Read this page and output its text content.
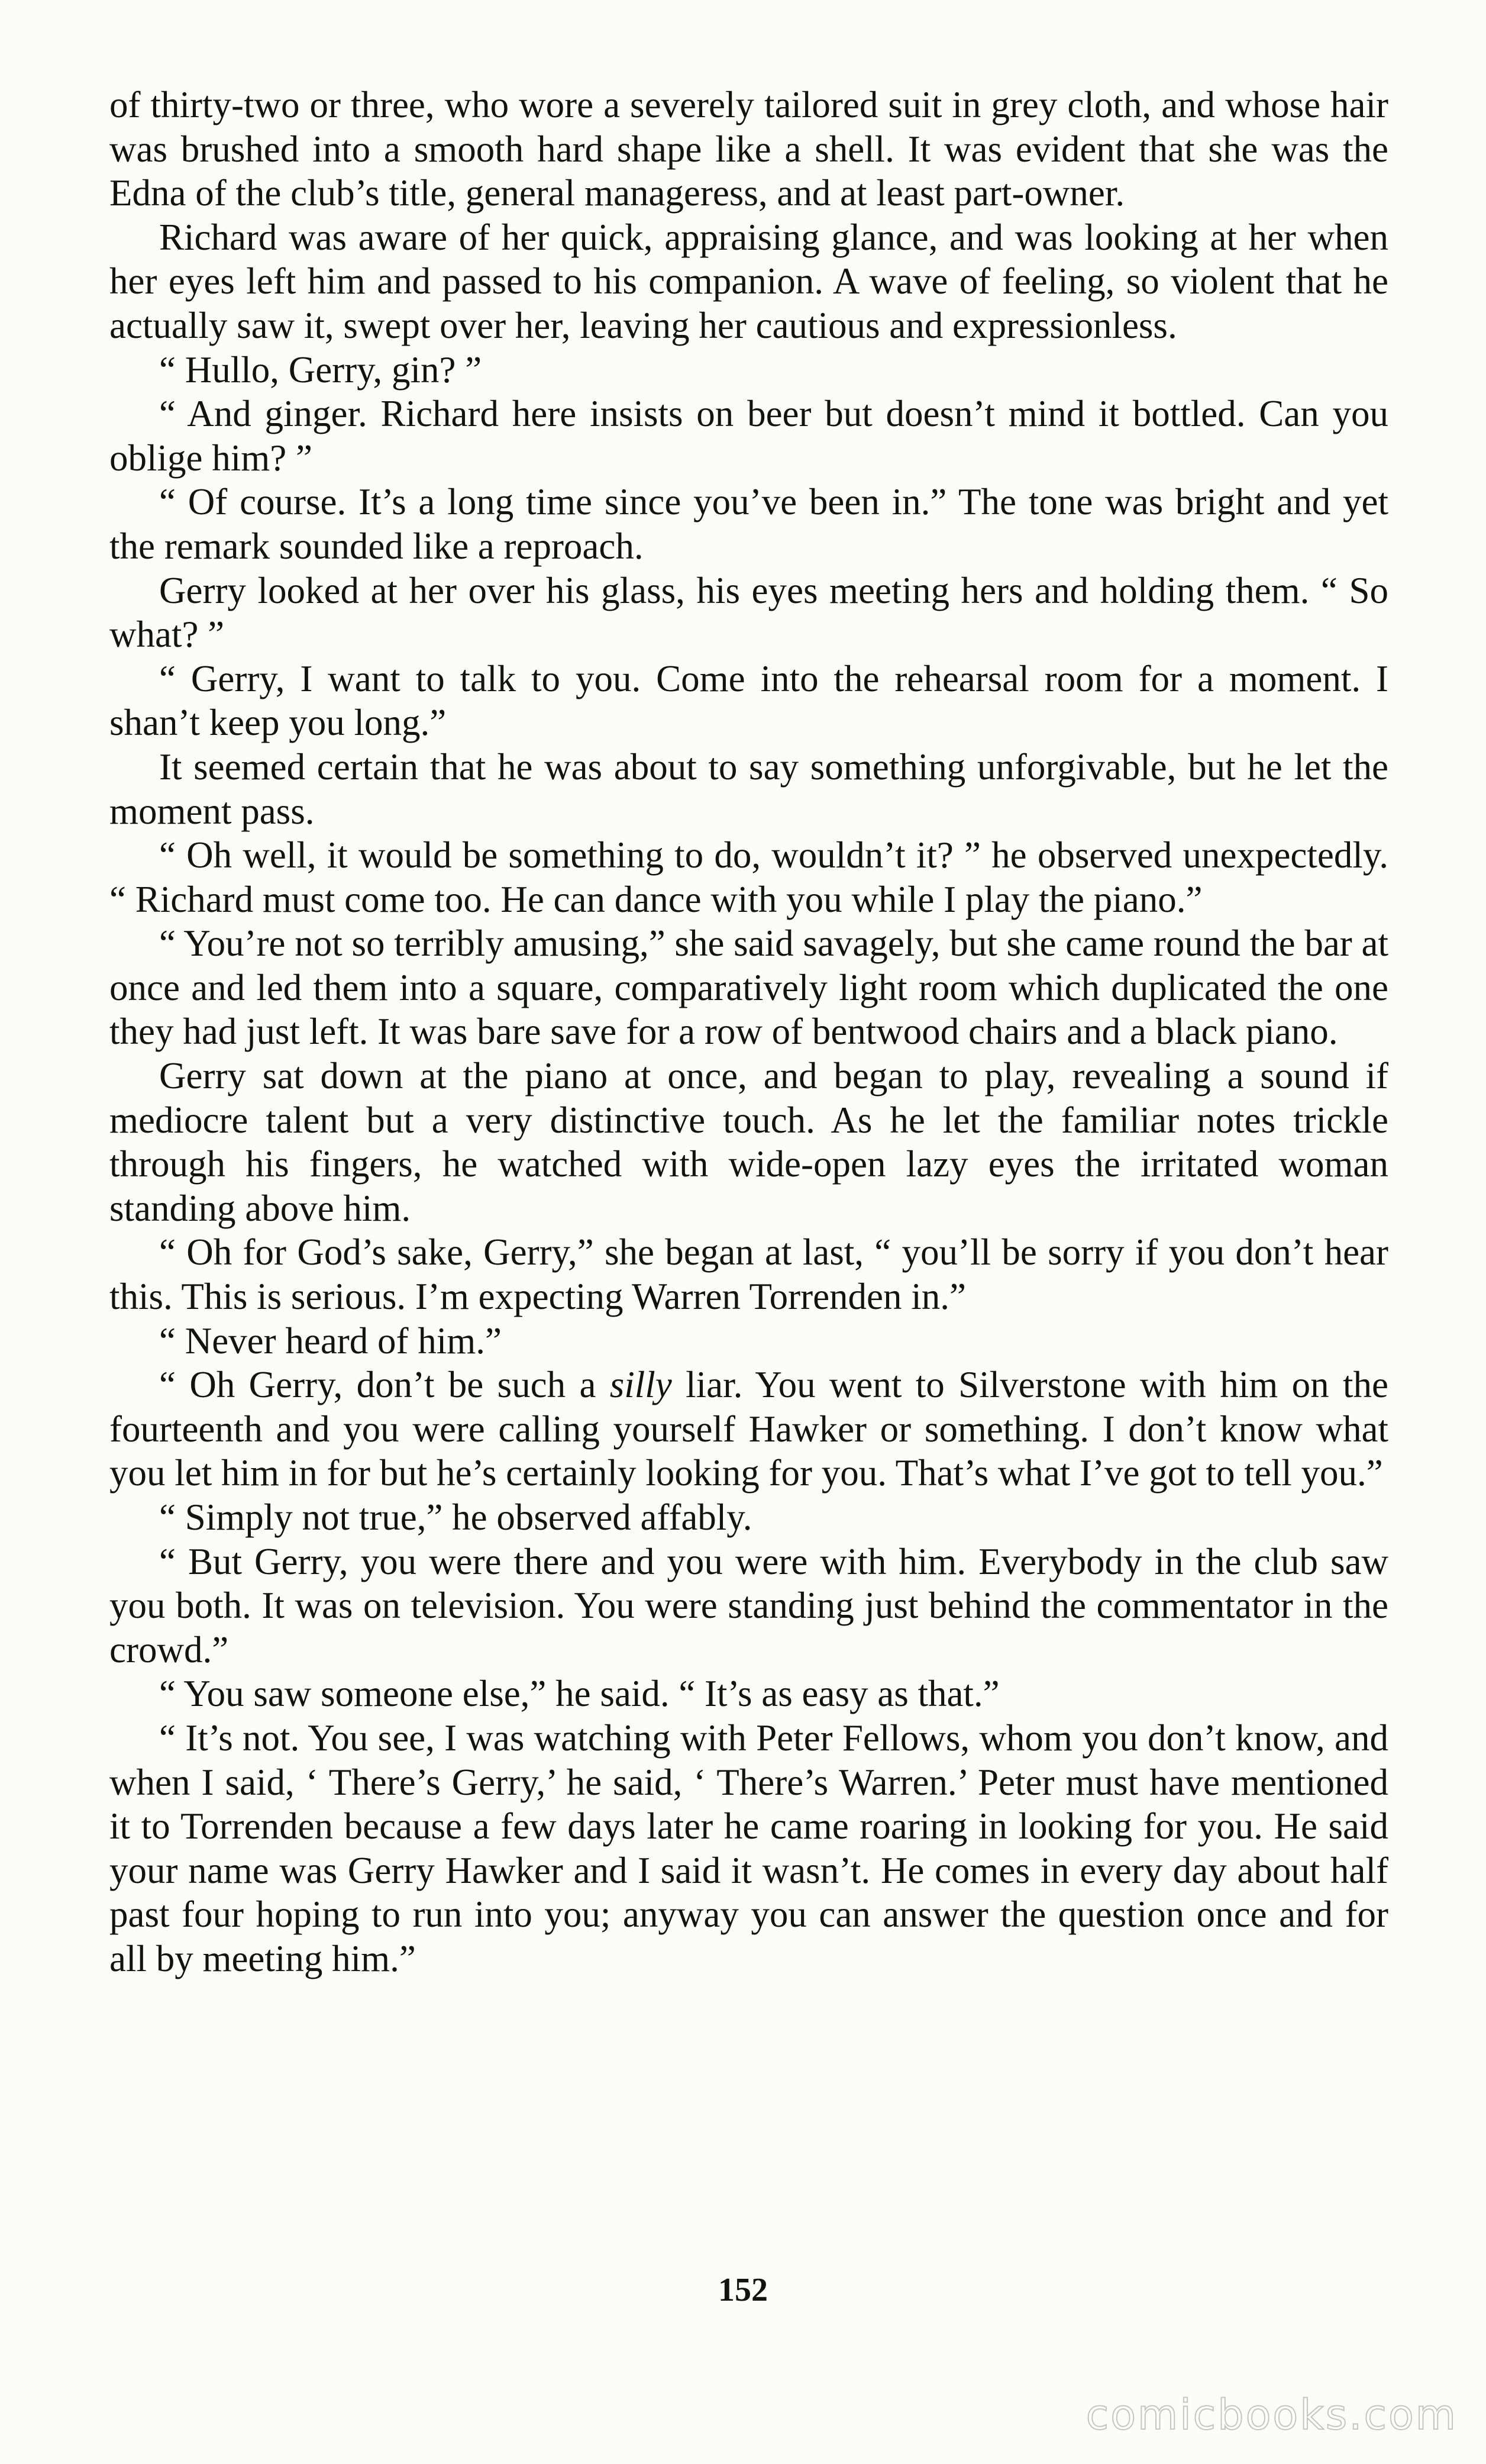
of thirty-two or three, who wore a severely tailored suit in grey cloth, and whose hair was brushed into a smooth hard shape like a shell. It was evident that she was the Edna of the club’s title, general manageress, and at least part-owner.

Richard was aware of her quick, appraising glance, and was looking at her when her eyes left him and passed to his companion. A wave of feeling, so violent that he actually saw it, swept over her, leaving her cautious and expressionless.

“ Hullo, Gerry, gin? ”

“ And ginger. Richard here insists on beer but doesn’t mind it bottled. Can you oblige him? ”

“ Of course. It’s a long time since you’ve been in.” The tone was bright and yet the remark sounded like a reproach.

Gerry looked at her over his glass, his eyes meeting hers and holding them. “ So what? ”

“ Gerry, I want to talk to you. Come into the rehearsal room for a moment. I shan’t keep you long.”

It seemed certain that he was about to say something unforgivable, but he let the moment pass.

“ Oh well, it would be something to do, wouldn’t it? ” he observed unexpectedly. “ Richard must come too. He can dance with you while I play the piano.”

“ You’re not so terribly amusing,” she said savagely, but she came round the bar at once and led them into a square, comparatively light room which duplicated the one they had just left. It was bare save for a row of bentwood chairs and a black piano.

Gerry sat down at the piano at once, and began to play, revealing a sound if mediocre talent but a very distinctive touch. As he let the familiar notes trickle through his fingers, he watched with wide-open lazy eyes the irritated woman standing above him.

“ Oh for God’s sake, Gerry,” she began at last, “ you’ll be sorry if you don’t hear this. This is serious. I’m expecting Warren Torrenden in.”

“ Never heard of him.”

“ Oh Gerry, don’t be such a silly liar. You went to Silverstone with him on the fourteenth and you were calling yourself Hawker or something. I don’t know what you let him in for but he’s certainly looking for you. That’s what I’ve got to tell you.”

“ Simply not true,” he observed affably.

“ But Gerry, you were there and you were with him. Everybody in the club saw you both. It was on television. You were standing just behind the commentator in the crowd.”

“ You saw someone else,” he said. “ It’s as easy as that.”

“ It’s not. You see, I was watching with Peter Fellows, whom you don’t know, and when I said, ‘ There’s Gerry,’ he said, ‘ There’s Warren.’ Peter must have mentioned it to Torrenden because a few days later he came roaring in looking for you. He said your name was Gerry Hawker and I said it wasn’t. He comes in every day about half past four hoping to run into you; anyway you can answer the question once and for all by meeting him.”

152
comicbooks.com
